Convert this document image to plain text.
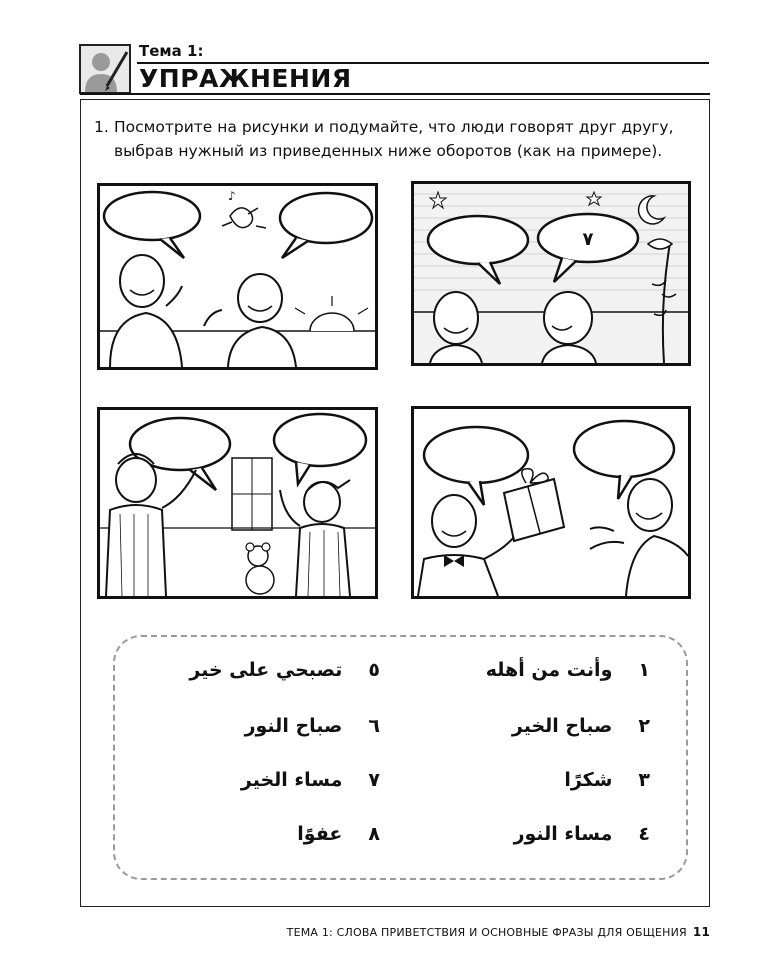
Тема 1:
УПРАЖНЕНИЯ
1. Посмотрите на рисунки и подумайте, что люди говорят друг другу, выбрав нужный из приведенных ниже оборотов (как на примере).
♪
٧
١وأنت من أهله
٢صباح الخير
٣شكرًا
٤مساء النور
٥تصبحي على خير
٦صباح النور
٧مساء الخير
٨عفوًا
ТЕМА 1: СЛОВА ПРИВЕТСТВИЯ И ОСНОВНЫЕ ФРАЗЫ ДЛЯ ОБЩЕНИЯ 11
